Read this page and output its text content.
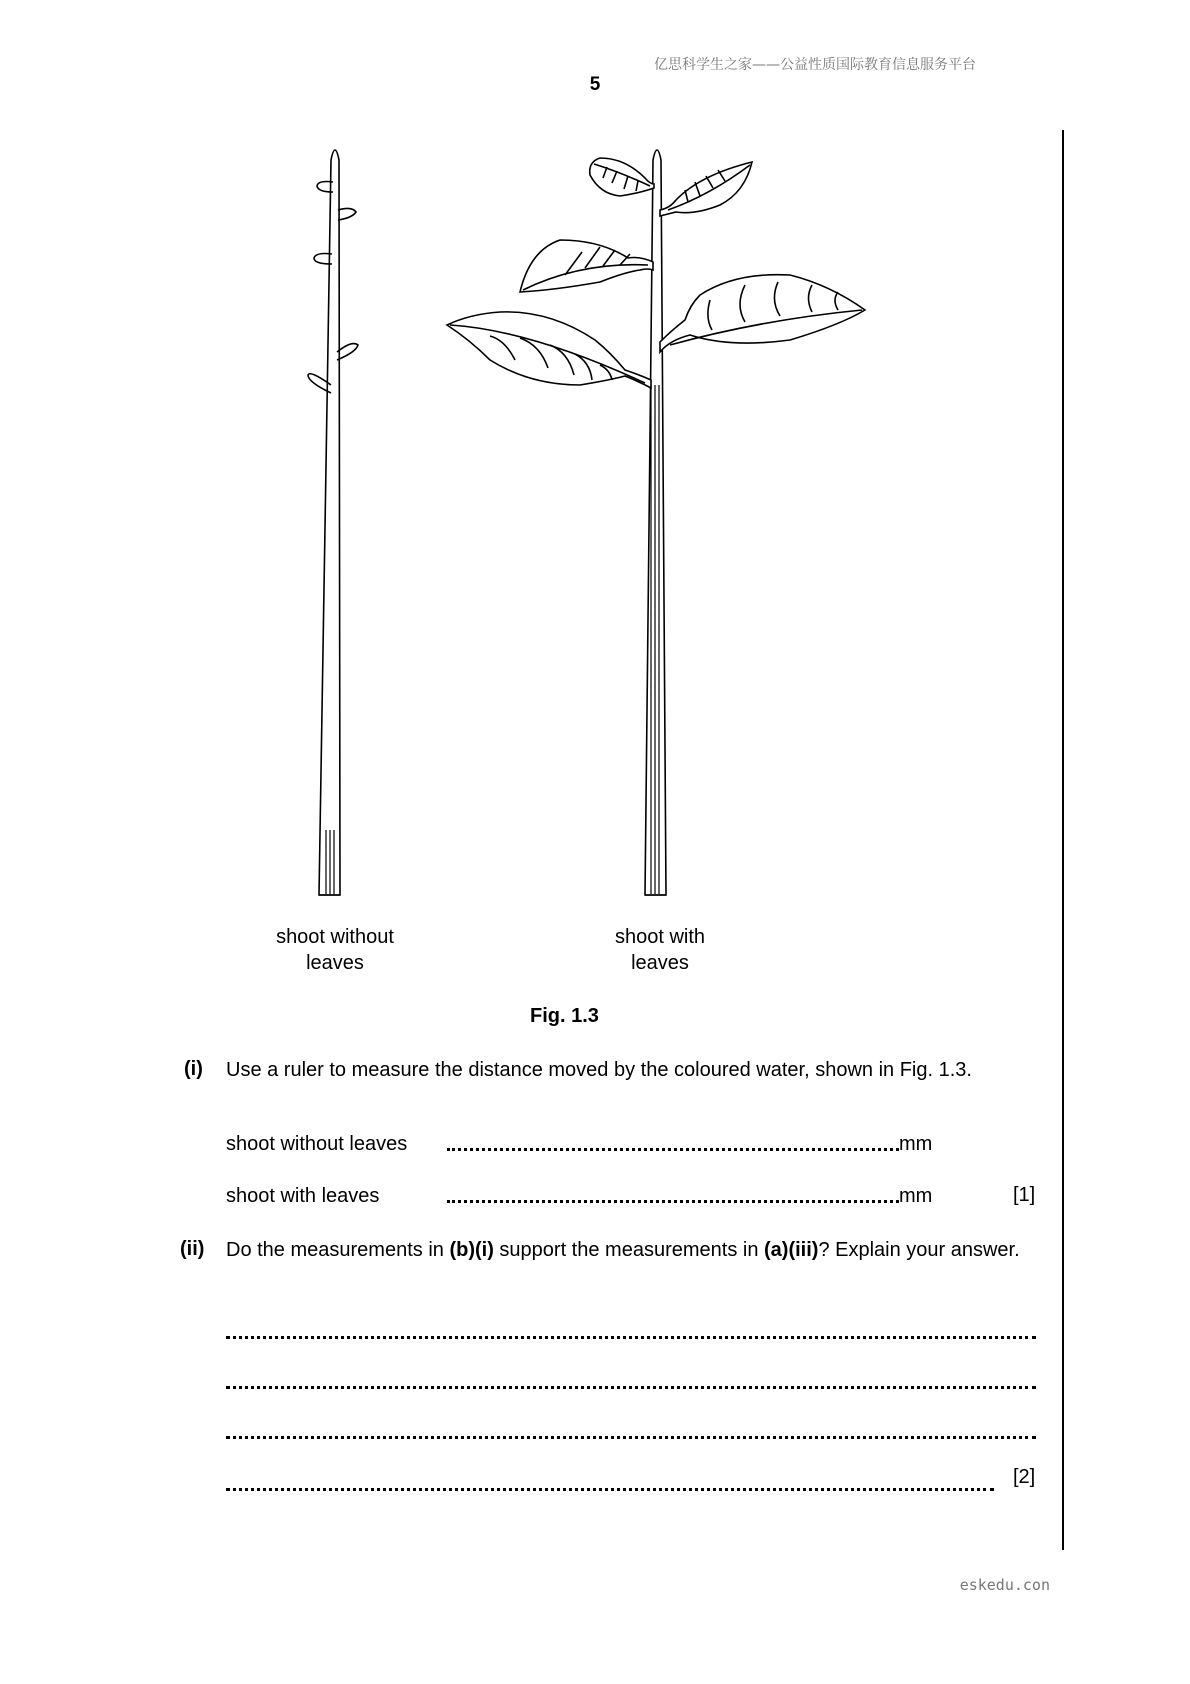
亿思科学生之家——公益性质国际教育信息服务平台
5
shoot without
leaves
shoot with
leaves
Fig. 1.3
(i) Use a ruler to measure the distance moved by the coloured water, shown in Fig. 1.3.
shoot without leaves	mm
shoot with leaves	mm	[1]
(ii) Do the measurements in (b)(i) support the measurements in (a)(iii)? Explain your answer.
[2]
eskedu.con
